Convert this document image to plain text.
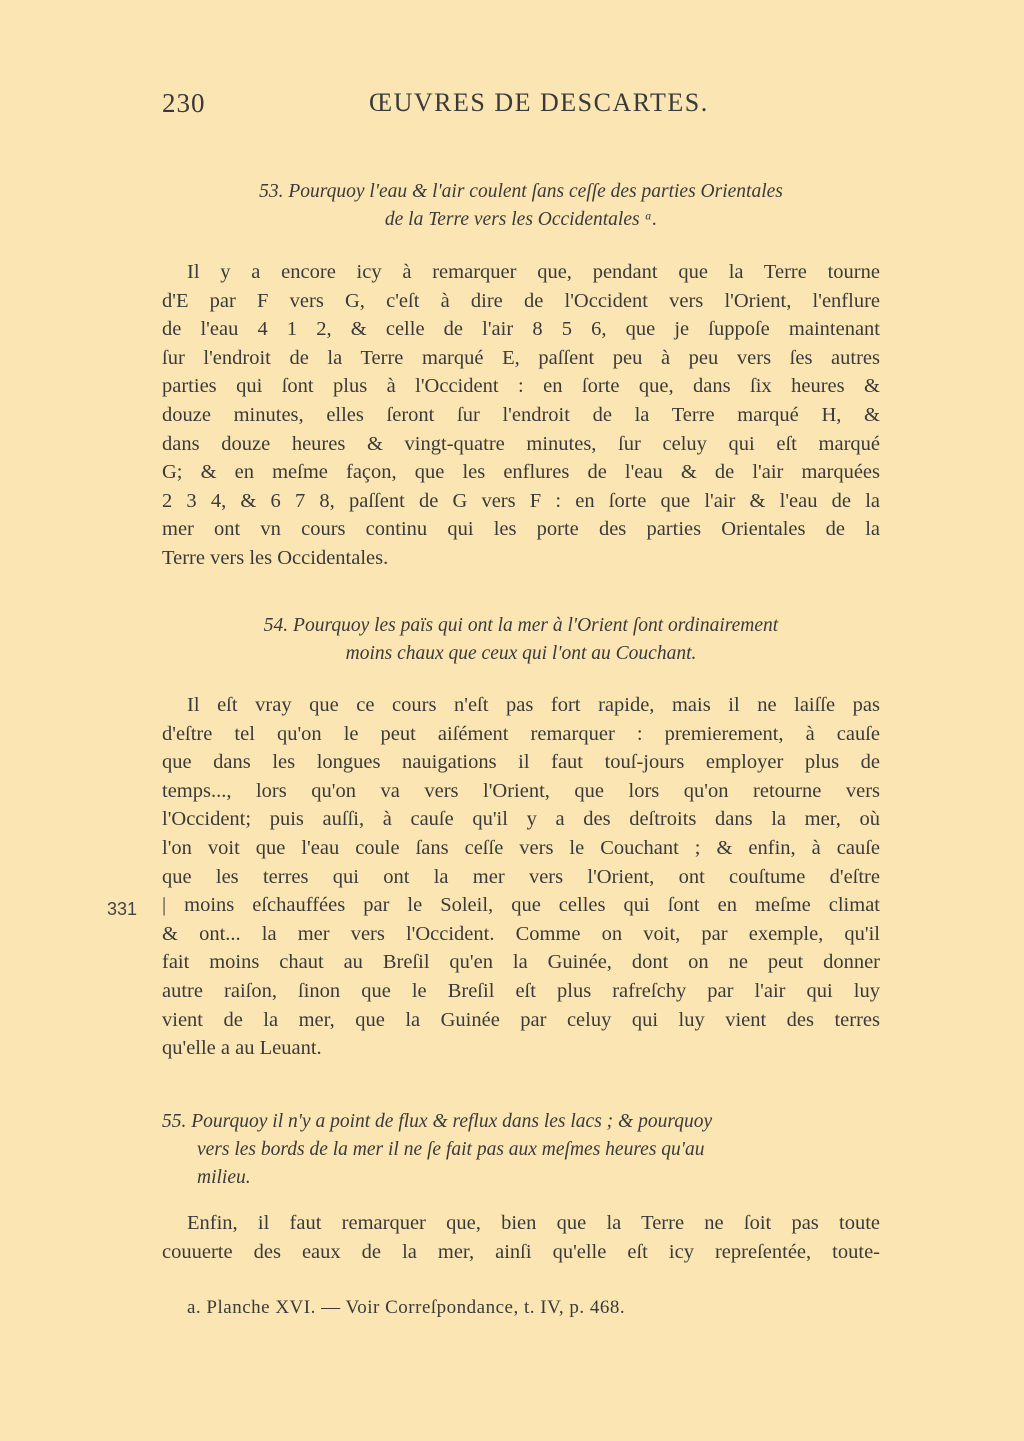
230	ŒUVRES DE DESCARTES.
53. Pourquoy l'eau & l'air coulent ſans ceſſe des parties Orientales
de la Terre vers les Occidentales ᵃ.
Il y a encore icy à remarquer que, pendant que la Terre tourne
d'E par F vers G, c'eſt à dire de l'Occident vers l'Orient, l'enflure
de l'eau 4 1 2, & celle de l'air 8 5 6, que je ſuppoſe maintenant
ſur l'endroit de la Terre marqué E, paſſent peu à peu vers ſes autres
parties qui ſont plus à l'Occident : en ſorte que, dans ſix heures &
douze minutes, elles ſeront ſur l'endroit de la Terre marqué H, &
dans douze heures & vingt-quatre minutes, ſur celuy qui eſt marqué
G; & en meſme façon, que les enflures de l'eau & de l'air marquées
2 3 4, & 6 7 8, paſſent de G vers F : en ſorte que l'air & l'eau de la
mer ont vn cours continu qui les porte des parties Orientales de la
Terre vers les Occidentales.
54. Pourquoy les païs qui ont la mer à l'Orient ſont ordinairement
moins chaux que ceux qui l'ont au Couchant.
Il eſt vray que ce cours n'eſt pas fort rapide, mais il ne laiſſe pas
d'eſtre tel qu'on le peut aiſément remarquer : premierement, à cauſe
que dans les longues nauigations il faut touſ-jours employer plus de
temps..., lors qu'on va vers l'Orient, que lors qu'on retourne vers
l'Occident; puis auſſi, à cauſe qu'il y a des deſtroits dans la mer, où
l'on voit que l'eau coule ſans ceſſe vers le Couchant ; & enfin, à cauſe
que les terres qui ont la mer vers l'Orient, ont couſtume d'eſtre
| moins eſchauffées par le Soleil, que celles qui ſont en meſme climat
& ont... la mer vers l'Occident. Comme on voit, par exemple, qu'il
fait moins chaut au Breſil qu'en la Guinée, dont on ne peut donner
autre raiſon, ſinon que le Breſil eſt plus rafreſchy par l'air qui luy
vient de la mer, que la Guinée par celuy qui luy vient des terres
qu'elle a au Leuant.
331
55. Pourquoy il n'y a point de flux & reflux dans les lacs ; & pourquoy
vers les bords de la mer il ne ſe fait pas aux meſmes heures qu'au
milieu.
Enfin, il faut remarquer que, bien que la Terre ne ſoit pas toute
couuerte des eaux de la mer, ainſi qu'elle eſt icy repreſentée, toute-
a. Planche XVI. — Voir Correſpondance, t. IV, p. 468.
